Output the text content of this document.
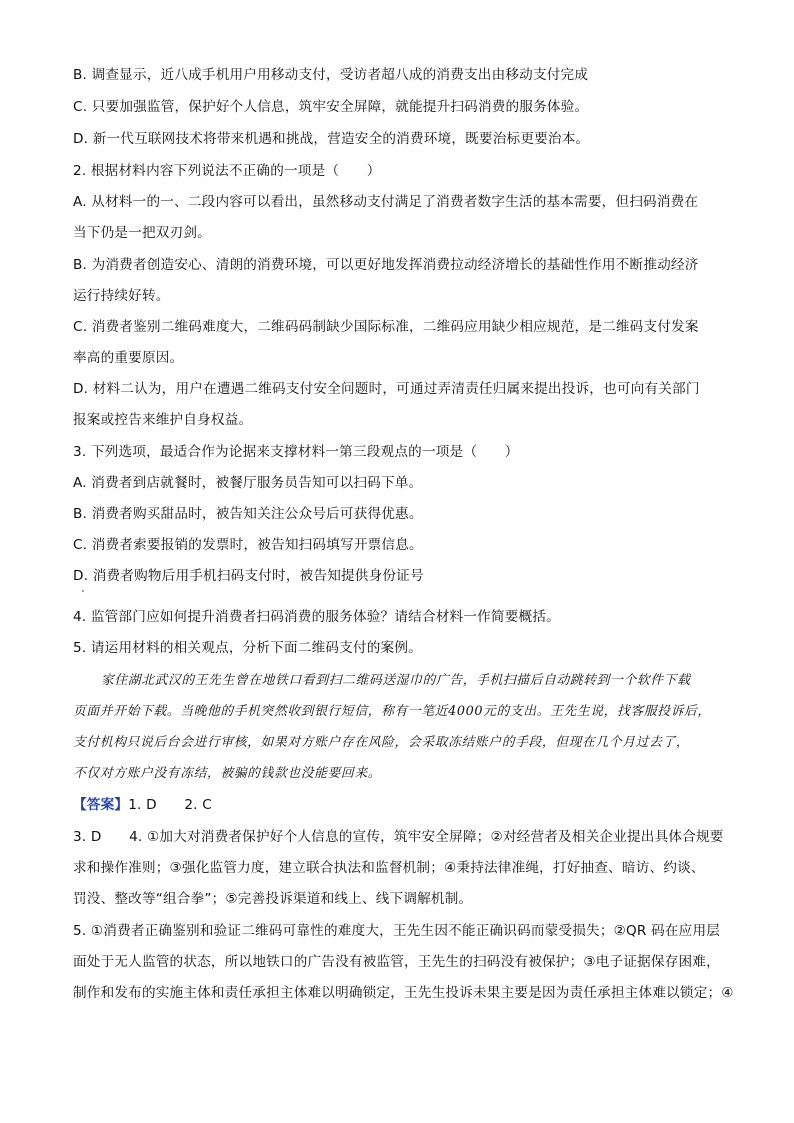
B. 调查显示，近八成手机用户用移动支付，受访者超八成的消费支出由移动支付完成
C. 只要加强监管，保护好个人信息，筑牢安全屏障，就能提升扫码消费的服务体验。
D. 新一代互联网技术将带来机遇和挑战，营造安全的消费环境，既要治标更要治本。
2. 根据材料内容下列说法不正确的一项是（　　）
A. 从材料一的一、二段内容可以看出，虽然移动支付满足了消费者数字生活的基本需要，但扫码消费在
当下仍是一把双刃剑。
B. 为消费者创造安心、清朗的消费环境，可以更好地发挥消费拉动经济增长的基础性作用不断推动经济
运行持续好转。
C. 消费者鉴别二维码难度大，二维码码制缺少国际标准，二维码应用缺少相应规范，是二维码支付发案
率高的重要原因。
D. 材料二认为，用户在遭遇二维码支付安全问题时，可通过弄清责任归属来提出投诉，也可向有关部门
报案或控告来维护自身权益。
3. 下列选项，最适合作为论据来支撑材料一第三段观点的一项是（　　）
A. 消费者到店就餐时，被餐厅服务员告知可以扫码下单。
B. 消费者购买甜品时，被告知关注公众号后可获得优惠。
C. 消费者索要报销的发票时，被告知扫码填写开票信息。
D. 消费者购物后用手机扫码支付时，被告知提供身份证号
4. 监管部门应如何提升消费者扫码消费的服务体验？请结合材料一作简要概括。
5. 请运用材料的相关观点，分析下面二维码支付的案例。
家住湖北武汉的王先生曾在地铁口看到扫二维码送湿巾的广告，手机扫描后自动跳转到一个软件下载
页面并开始下载。当晚他的手机突然收到银行短信，称有一笔近4000元的支出。王先生说，找客服投诉后，
支付机构只说后台会进行审核，如果对方账户存在风险，会采取冻结账户的手段，但现在几个月过去了，
不仅对方账户没有冻结，被骗的钱款也没能要回来。
【答案】1. D　　2. C
3. D　　4. ①加大对消费者保护好个人信息的宣传，筑牢安全屏障；②对经营者及相关企业提出具体合规要
求和操作准则；③强化监管力度，建立联合执法和监督机制；④秉持法律准绳，打好抽查、暗访、约谈、
罚没、整改等“组合拳”；⑤完善投诉渠道和线上、线下调解机制。
5. ①消费者正确鉴别和验证二维码可靠性的难度大，王先生因不能正确识码而蒙受损失；②QR 码在应用层
面处于无人监管的状态，所以地铁口的广告没有被监管，王先生的扫码没有被保护；③电子证据保存困难，
制作和发布的实施主体和责任承担主体难以明确锁定，王先生投诉未果主要是因为责任承担主体难以锁定；④
